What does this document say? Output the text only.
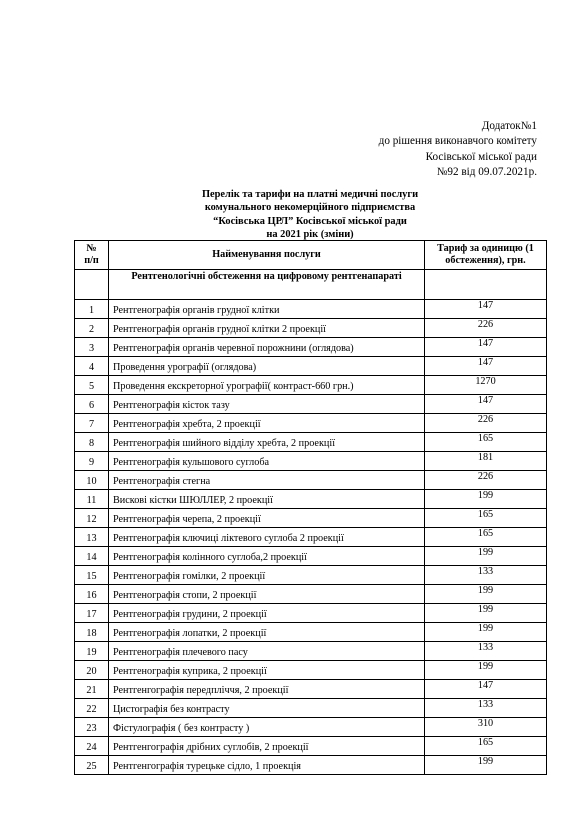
Додаток№1
до рішення виконавчого комітету
Косівської міської ради
№92 від 09.07.2021р.
Перелік та тарифи на платні медичні послуги
комунального некомерційного підприємства
“Косівська ЦРЛ” Косівської міської ради
на 2021 рік (зміни)
№ п/п	Найменування послуги	Тариф за одиницю (1 обстеження), грн.
	Рентгенологічні обстеження на цифровому рентгенапараті	
1	Рентгенографія органів грудної клітки	147
2	Рентгенографія органів грудної клітки 2 проекції	226
3	Рентгенографія органів черевної порожнини (оглядова)	147
4	Проведення урографії (оглядова)	147
5	Проведення екскреторної урографії( контраст-660 грн.)	1270
6	Рентгенографія кісток тазу	147
7	Рентгенографія хребта, 2 проекції	226
8	Рентгенографія шийного відділу хребта, 2 проекції	165
9	Рентгенографія кульшового суглоба	181
10	Рентгенографія стегна	226
11	Вискові кістки ШЮЛЛЕР, 2 проекції	199
12	Рентгенографія черепа, 2 проекції	165
13	Рентгенографія ключиці ліктевого суглоба 2 проекції	165
14	Рентгенографія колінного суглоба,2 проекції	199
15	Рентгенографія гомілки, 2 проекції	133
16	Рентгенографія стопи, 2 проекції	199
17	Рентгенографія грудини, 2 проекції	199
18	Рентгенографія лопатки, 2 проекції	199
19	Рентгенографія плечевого пасу	133
20	Рентгенографія куприка, 2 проекції	199
21	Рентгенгографія передпліччя, 2 проекції	147
22	Цистографія без контрасту	133
23	Фістулографія ( без контрасту )	310
24	Рентгенгографія дрібних суглобів, 2 проекції	165
25	Рентгенгографія турецьке сідло, 1 проекція	199
